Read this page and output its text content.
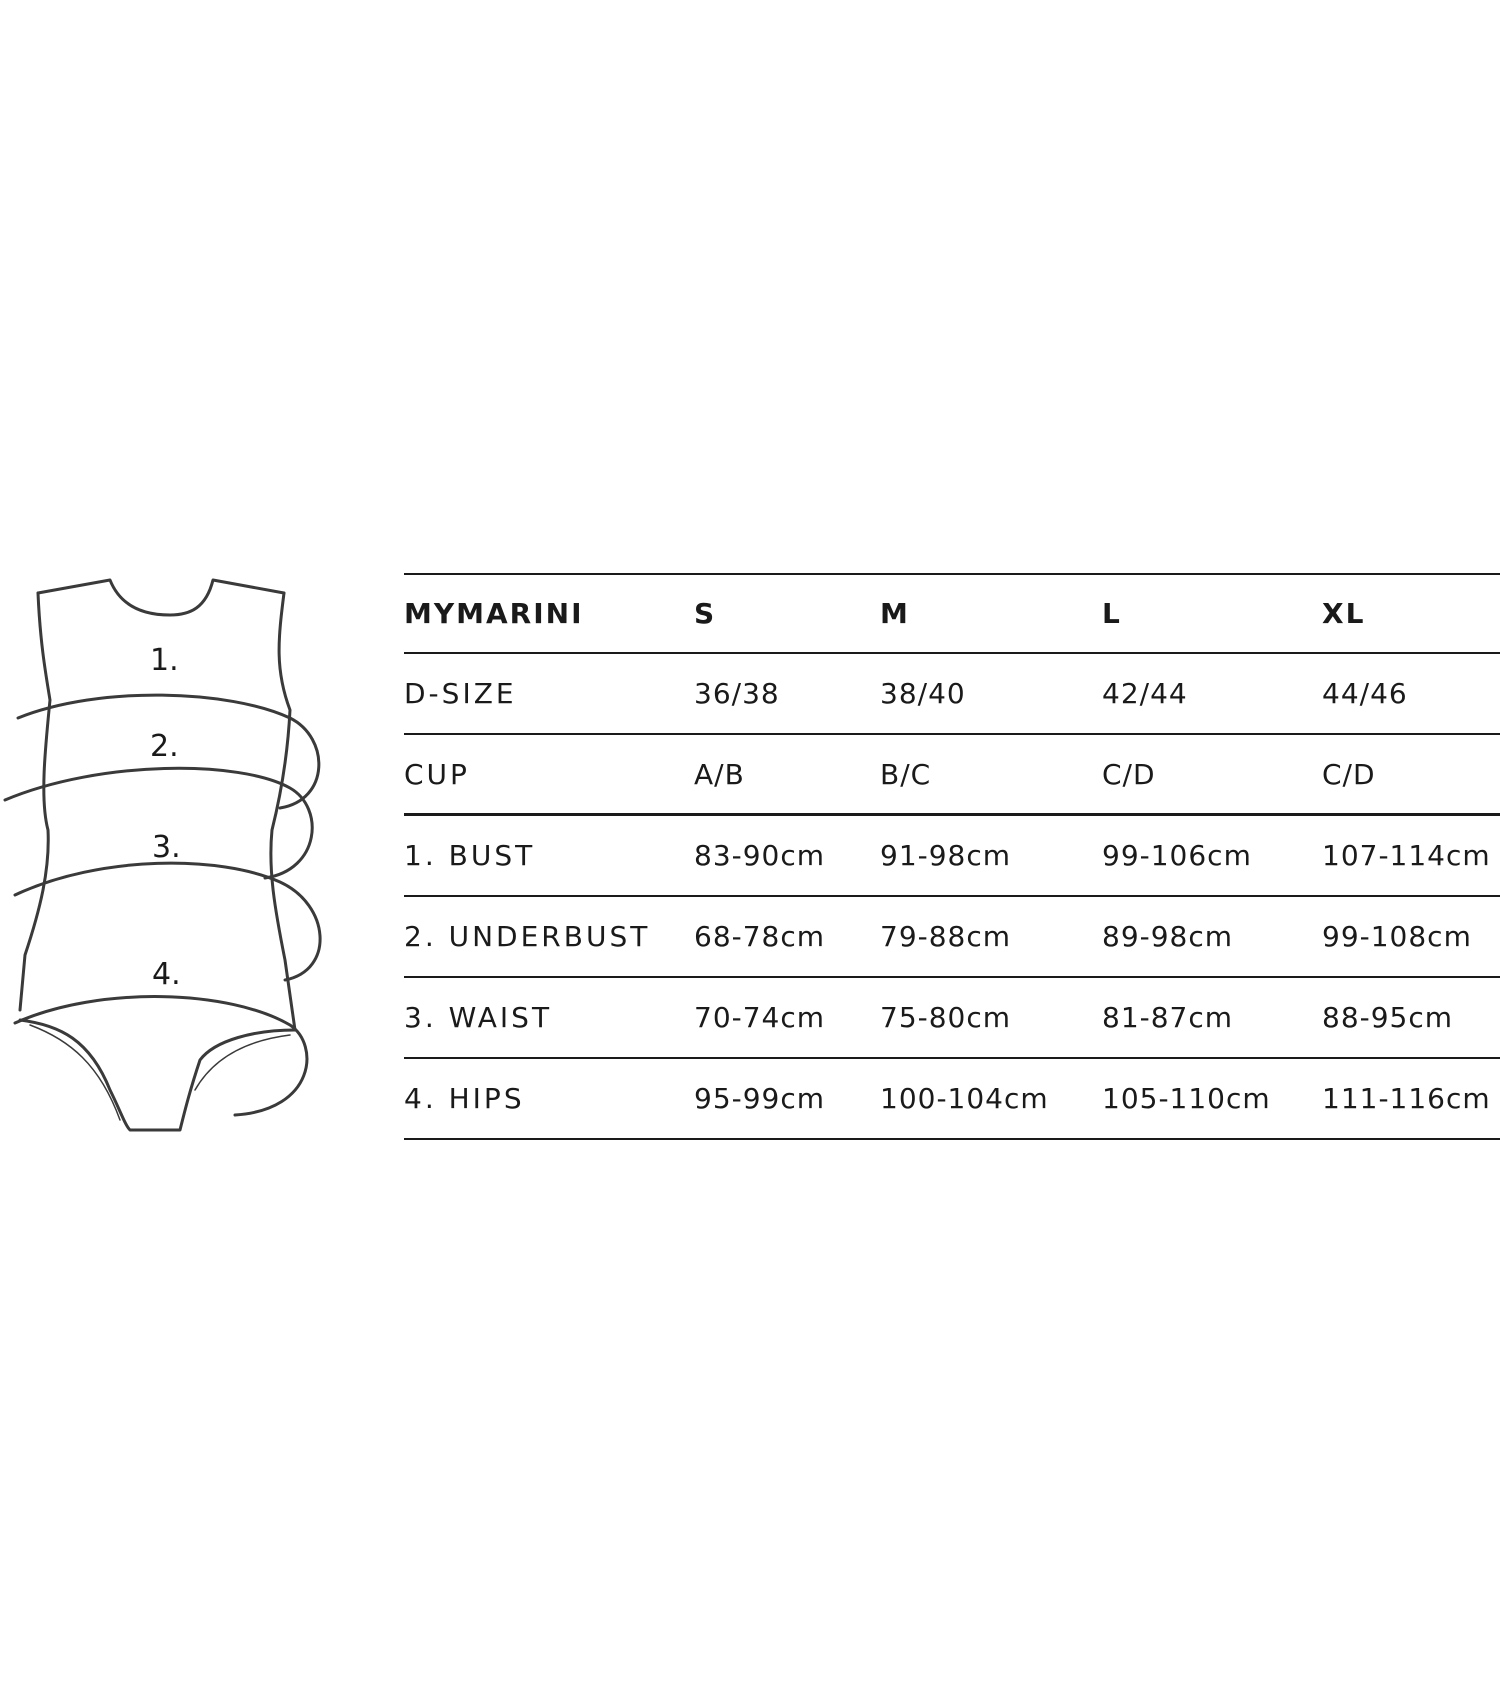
1.
2.
3.
4.
MYMARINI	S	M	L	XL
D-SIZE	36/38	38/40	42/44	44/46
CUP	A/B	B/C	C/D	C/D
1. BUST	83-90cm 91-98cm	99-106cm	107-114cm
2. UNDERBUST 68-78cm 79-88cm	89-98cm	99-108cm
3. WAIST	70-74cm 75-80cm	81-87cm	88-95cm
4. HIPS	95-99cm 100-104cm 105-110cm 111-116cm
